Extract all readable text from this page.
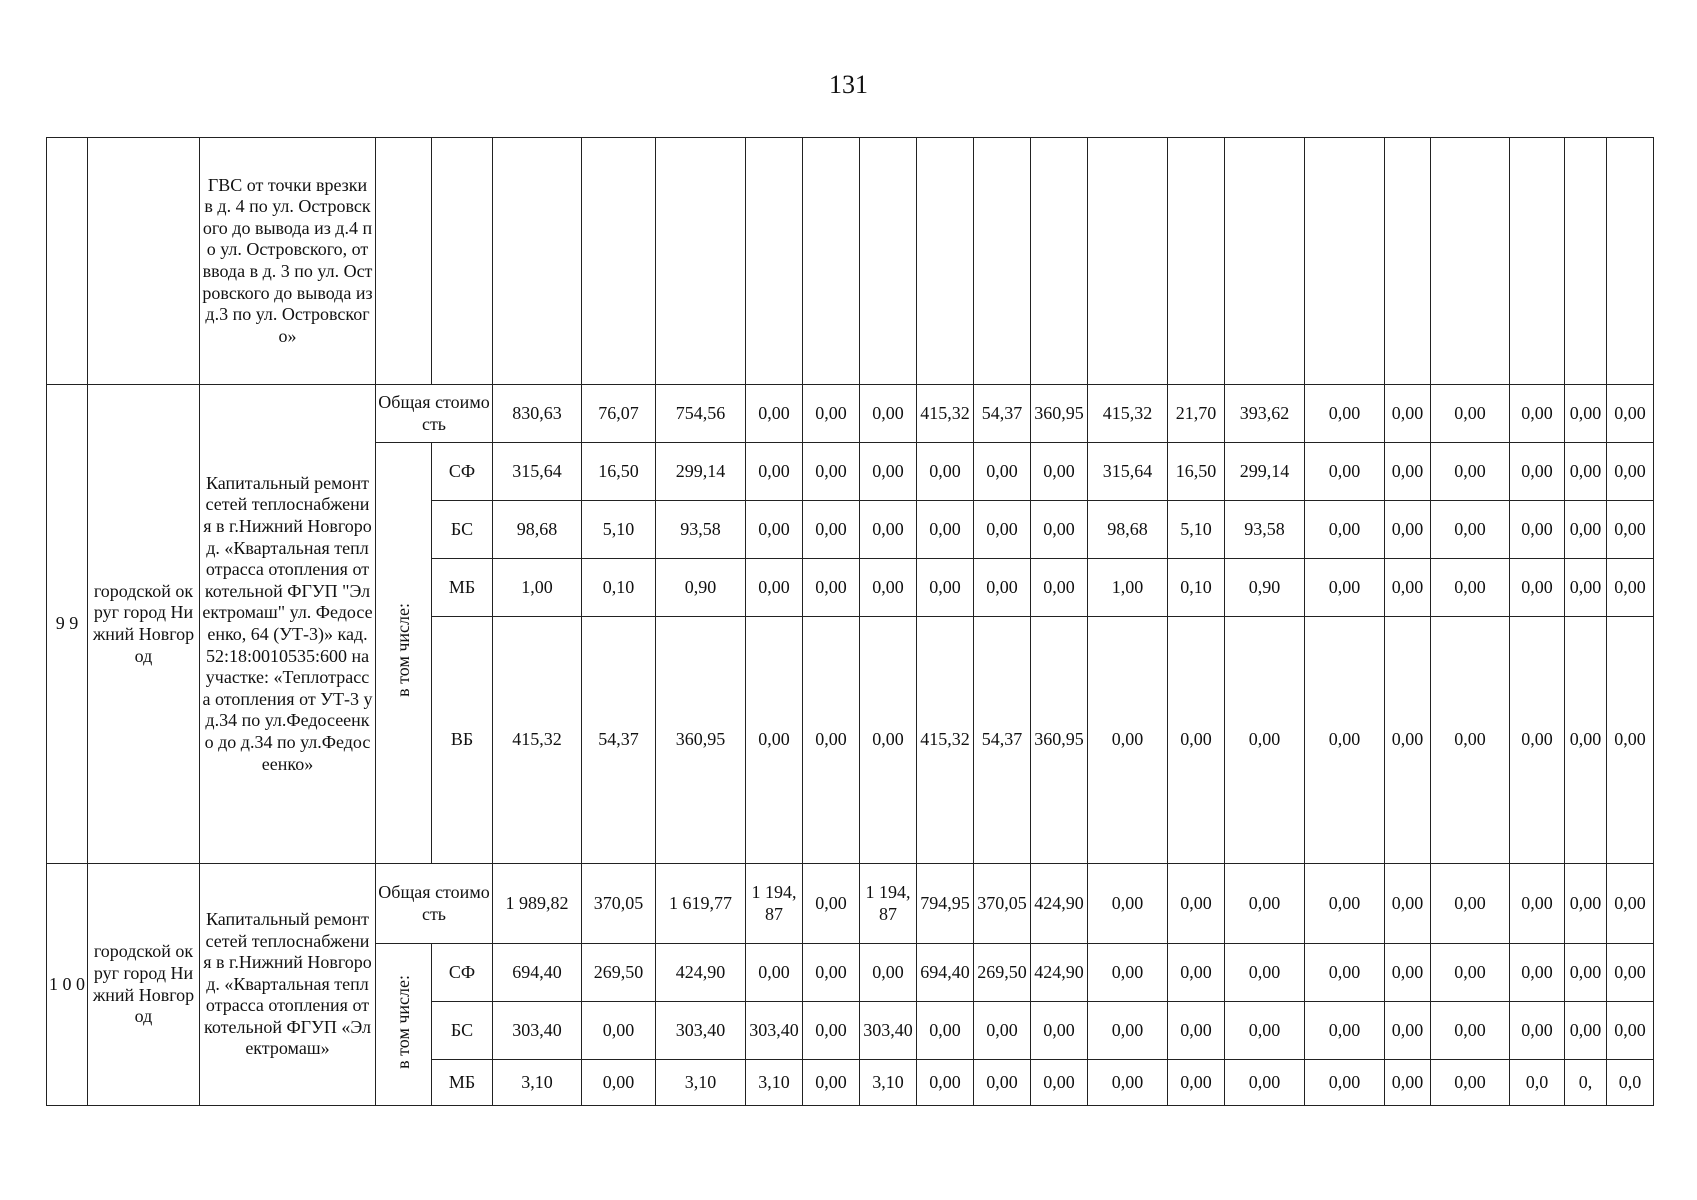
131
		ГВС от точки врезки в д. 4 по ул. Островского до вывода из д.4 по ул. Островского, от ввода в д. 3 по ул. Островского до вывода из д.3 по ул. Островского»																				
9 9	городской округ город Нижний Новгород	Капитальный ремонт сетей теплоснабжения в г.Нижний Новгород. «Квартальная теплотрасса отопления от котельной ФГУП "Электромаш" ул. Федосеенко, 64 (УТ-3)» кад. 52:18:0010535:600 на участке: «Теплотрасса отопления от УТ-3 у д.34 по ул.Федосеенко до д.34 по ул.Федосеенко»	Общая стоимость		830,63	76,07	754,56	0,00	0,00	0,00	415,32	54,37	360,95	415,32	21,70	393,62	0,00	0,00	0,00	0,00	0,00	0,00
			в том числе:	СФ	315,64	16,50	299,14	0,00	0,00	0,00	0,00	0,00	0,00	315,64	16,50	299,14	0,00	0,00	0,00	0,00	0,00	0,00
				БС	98,68	5,10	93,58	0,00	0,00	0,00	0,00	0,00	0,00	98,68	5,10	93,58	0,00	0,00	0,00	0,00	0,00	0,00
				МБ	1,00	0,10	0,90	0,00	0,00	0,00	0,00	0,00	0,00	1,00	0,10	0,90	0,00	0,00	0,00	0,00	0,00	0,00
				ВБ	415,32	54,37	360,95	0,00	0,00	0,00	415,32	54,37	360,95	0,00	0,00	0,00	0,00	0,00	0,00	0,00	0,00	0,00
1 0 0	городской округ город Нижний Новгород	Капитальный ремонт сетей теплоснабжения в г.Нижний Новгород. «Квартальная теплотрасса отопления от котельной ФГУП «Электромаш»	Общая стоимость		1 989,82	370,05	1 619,77	1 194,87	0,00	1 194,87	794,95	370,05	424,90	0,00	0,00	0,00	0,00	0,00	0,00	0,00	0,00	0,00
			в том числе:	СФ	694,40	269,50	424,90	0,00	0,00	0,00	694,40	269,50	424,90	0,00	0,00	0,00	0,00	0,00	0,00	0,00	0,00	0,00
				БС	303,40	0,00	303,40	303,40	0,00	303,40	0,00	0,00	0,00	0,00	0,00	0,00	0,00	0,00	0,00	0,00	0,00	0,00
				МБ	3,10	0,00	3,10	3,10	0,00	3,10	0,00	0,00	0,00	0,00	0,00	0,00	0,00	0,00	0,00	0,0	0,	0,0
